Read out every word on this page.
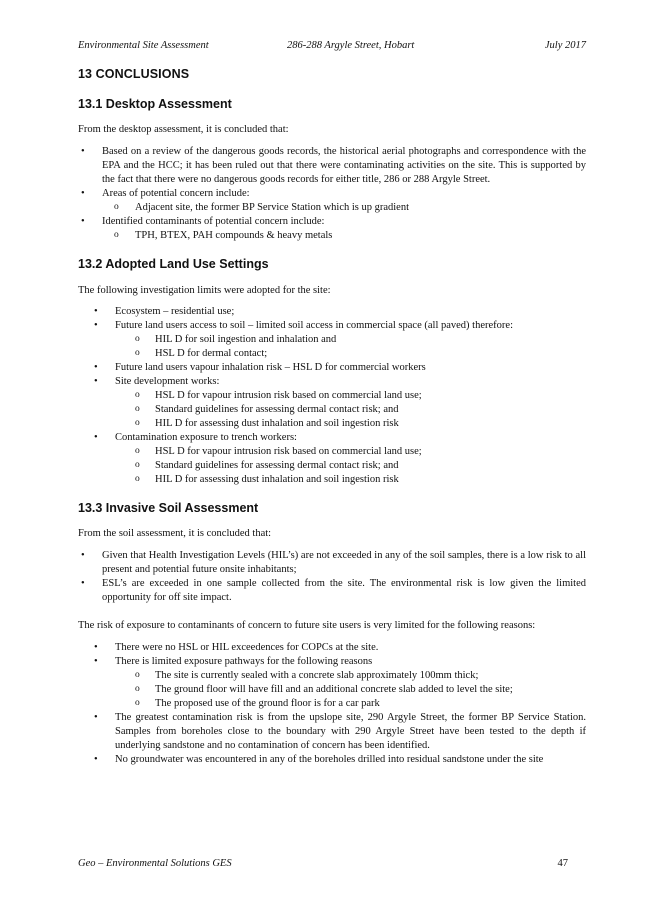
Environmental Site Assessment	286-288 Argyle Street, Hobart	July 2017
13 CONCLUSIONS
13.1 Desktop Assessment

From the desktop assessment, it is concluded that:

• Based on a review of the dangerous goods records, the historical aerial photographs and correspondence with the EPA and the HCC; it has been ruled out that there were contaminating activities on the site. This is supported by the fact that there were no dangerous goods records for either title, 286 or 288 Argyle Street.
• Areas of potential concern include:
o Adjacent site, the former BP Service Station which is up gradient
• Identified contaminants of potential concern include:
o TPH, BTEX, PAH compounds & heavy metals
13.2 Adopted Land Use Settings

The following investigation limits were adopted for the site:

• Ecosystem – residential use;
• Future land users access to soil – limited soil access in commercial space (all paved) therefore:
o HIL D for soil ingestion and inhalation and
o HSL D for dermal contact;
• Future land users vapour inhalation risk – HSL D for commercial workers
• Site development works:
o HSL D for vapour intrusion risk based on commercial land use;
o Standard guidelines for assessing dermal contact risk; and
o HIL D for assessing dust inhalation and soil ingestion risk
• Contamination exposure to trench workers:
o HSL D for vapour intrusion risk based on commercial land use;
o Standard guidelines for assessing dermal contact risk; and
o HIL D for assessing dust inhalation and soil ingestion risk
13.3 Invasive Soil Assessment

From the soil assessment, it is concluded that:

• Given that Health Investigation Levels (HIL’s) are not exceeded in any of the soil samples, there is a low risk to all present and potential future onsite inhabitants;
• ESL’s are exceeded in one sample collected from the site. The environmental risk is low given the limited opportunity for off site impact.

The risk of exposure to contaminants of concern to future site users is very limited for the following reasons:

• There were no HSL or HIL exceedences for COPCs at the site.
• There is limited exposure pathways for the following reasons
o The site is currently sealed with a concrete slab approximately 100mm thick;
o The ground floor will have fill and an additional concrete slab added to level the site;
o The proposed use of the ground floor is for a car park
• The greatest contamination risk is from the upslope site, 290 Argyle Street, the former BP Service Station. Samples from boreholes close to the boundary with 290 Argyle Street have been tested to the depth if underlying sandstone and no contamination of concern has been identified.
• No groundwater was encountered in any of the boreholes drilled into residual sandstone under the site
Geo – Environmental Solutions GES	47
